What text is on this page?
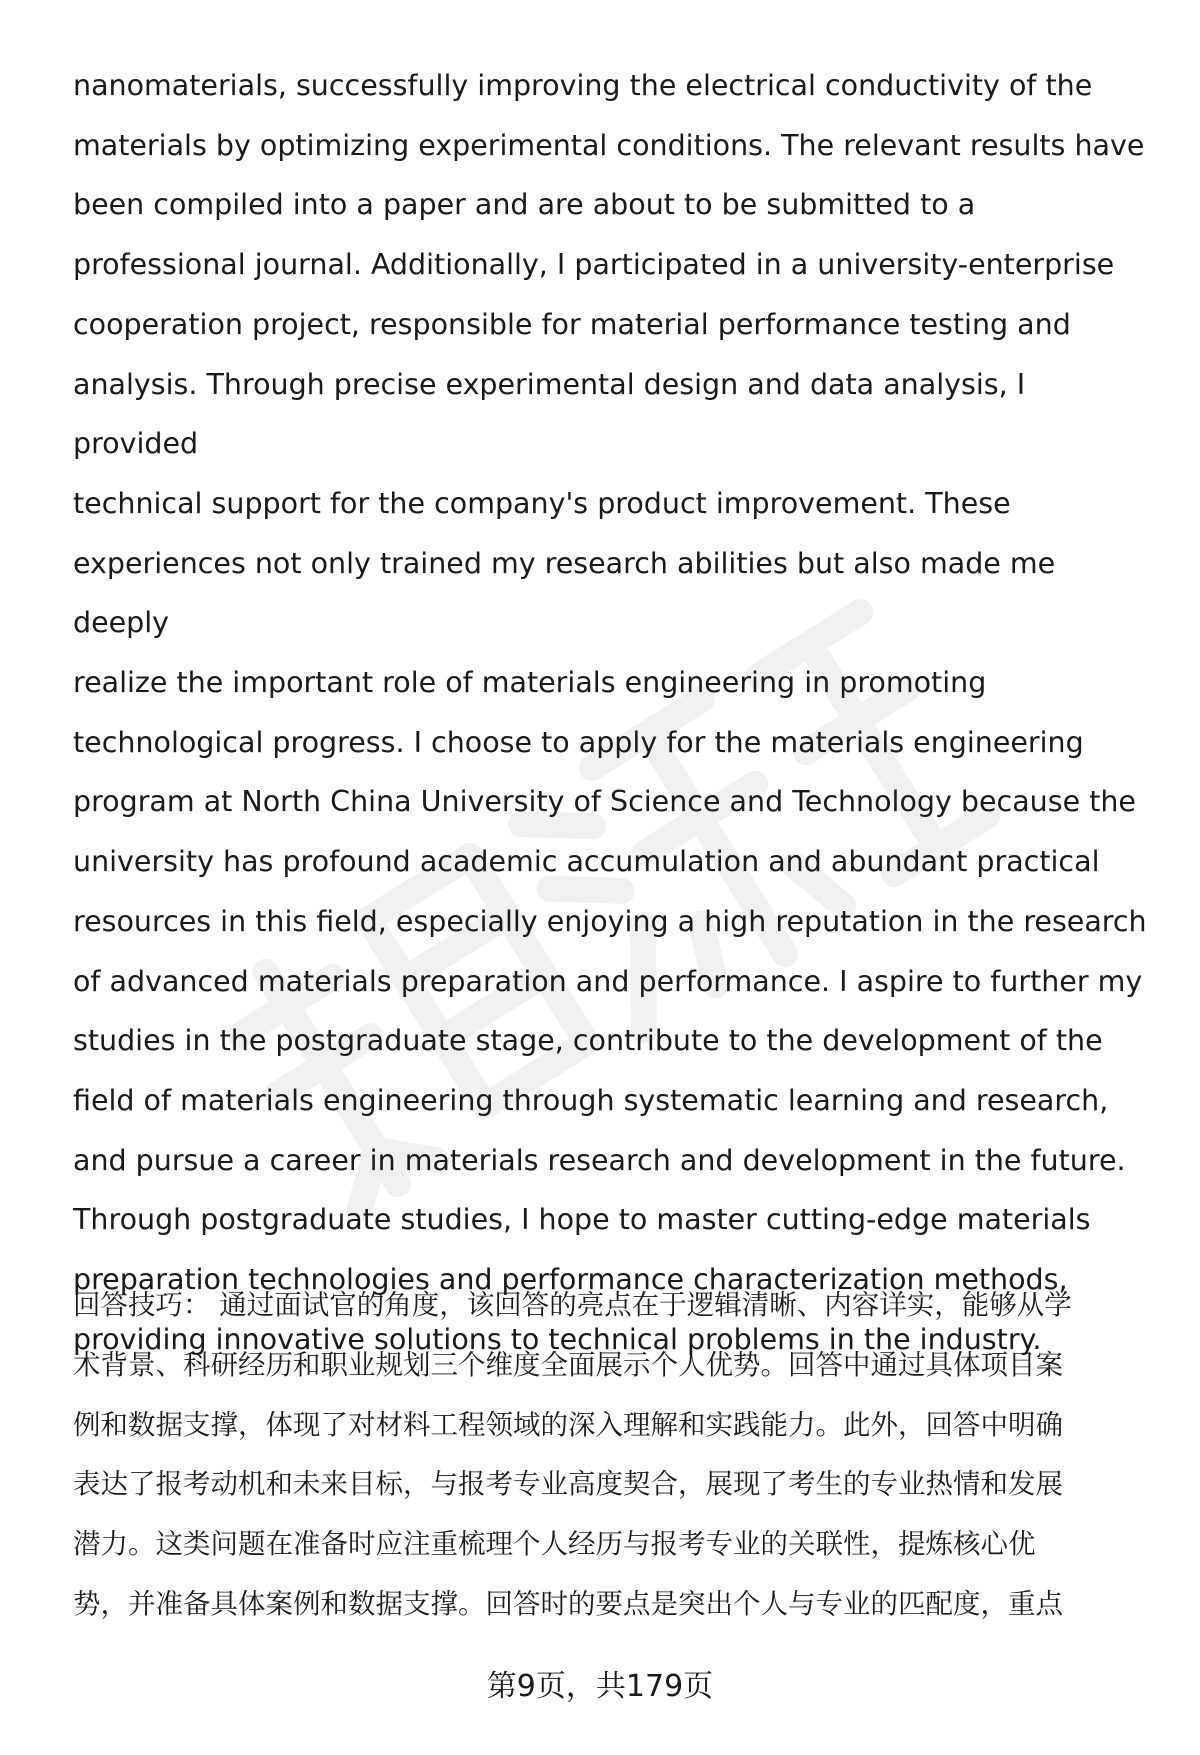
nanomaterials, successfully improving the electrical conductivity of the
materials by optimizing experimental conditions. The relevant results have
been compiled into a paper and are about to be submitted to a
professional journal. Additionally, I participated in a university-enterprise
cooperation project, responsible for material performance testing and
analysis. Through precise experimental design and data analysis, I provided
technical support for the company's product improvement. These
experiences not only trained my research abilities but also made me deeply
realize the important role of materials engineering in promoting
technological progress. I choose to apply for the materials engineering
program at North China University of Science and Technology because the
university has profound academic accumulation and abundant practical
resources in this field, especially enjoying a high reputation in the research
of advanced materials preparation and performance. I aspire to further my
studies in the postgraduate stage, contribute to the development of the
field of materials engineering through systematic learning and research,
and pursue a career in materials research and development in the future.
Through postgraduate studies, I hope to master cutting-edge materials
preparation technologies and performance characterization methods,
providing innovative solutions to technical problems in the industry.

回答技巧： 通过面试官的角度，该回答的亮点在于逻辑清晰、内容详实，能够从学
术背景、科研经历和职业规划三个维度全面展示个人优势。回答中通过具体项目案
例和数据支撑，体现了对材料工程领域的深入理解和实践能力。此外，回答中明确
表达了报考动机和未来目标，与报考专业高度契合，展现了考生的专业热情和发展
潜力。这类问题在准备时应注重梳理个人经历与报考专业的关联性，提炼核心优
势，并准备具体案例和数据支撑。回答时的要点是突出个人与专业的匹配度，重点

第9页，共179页
